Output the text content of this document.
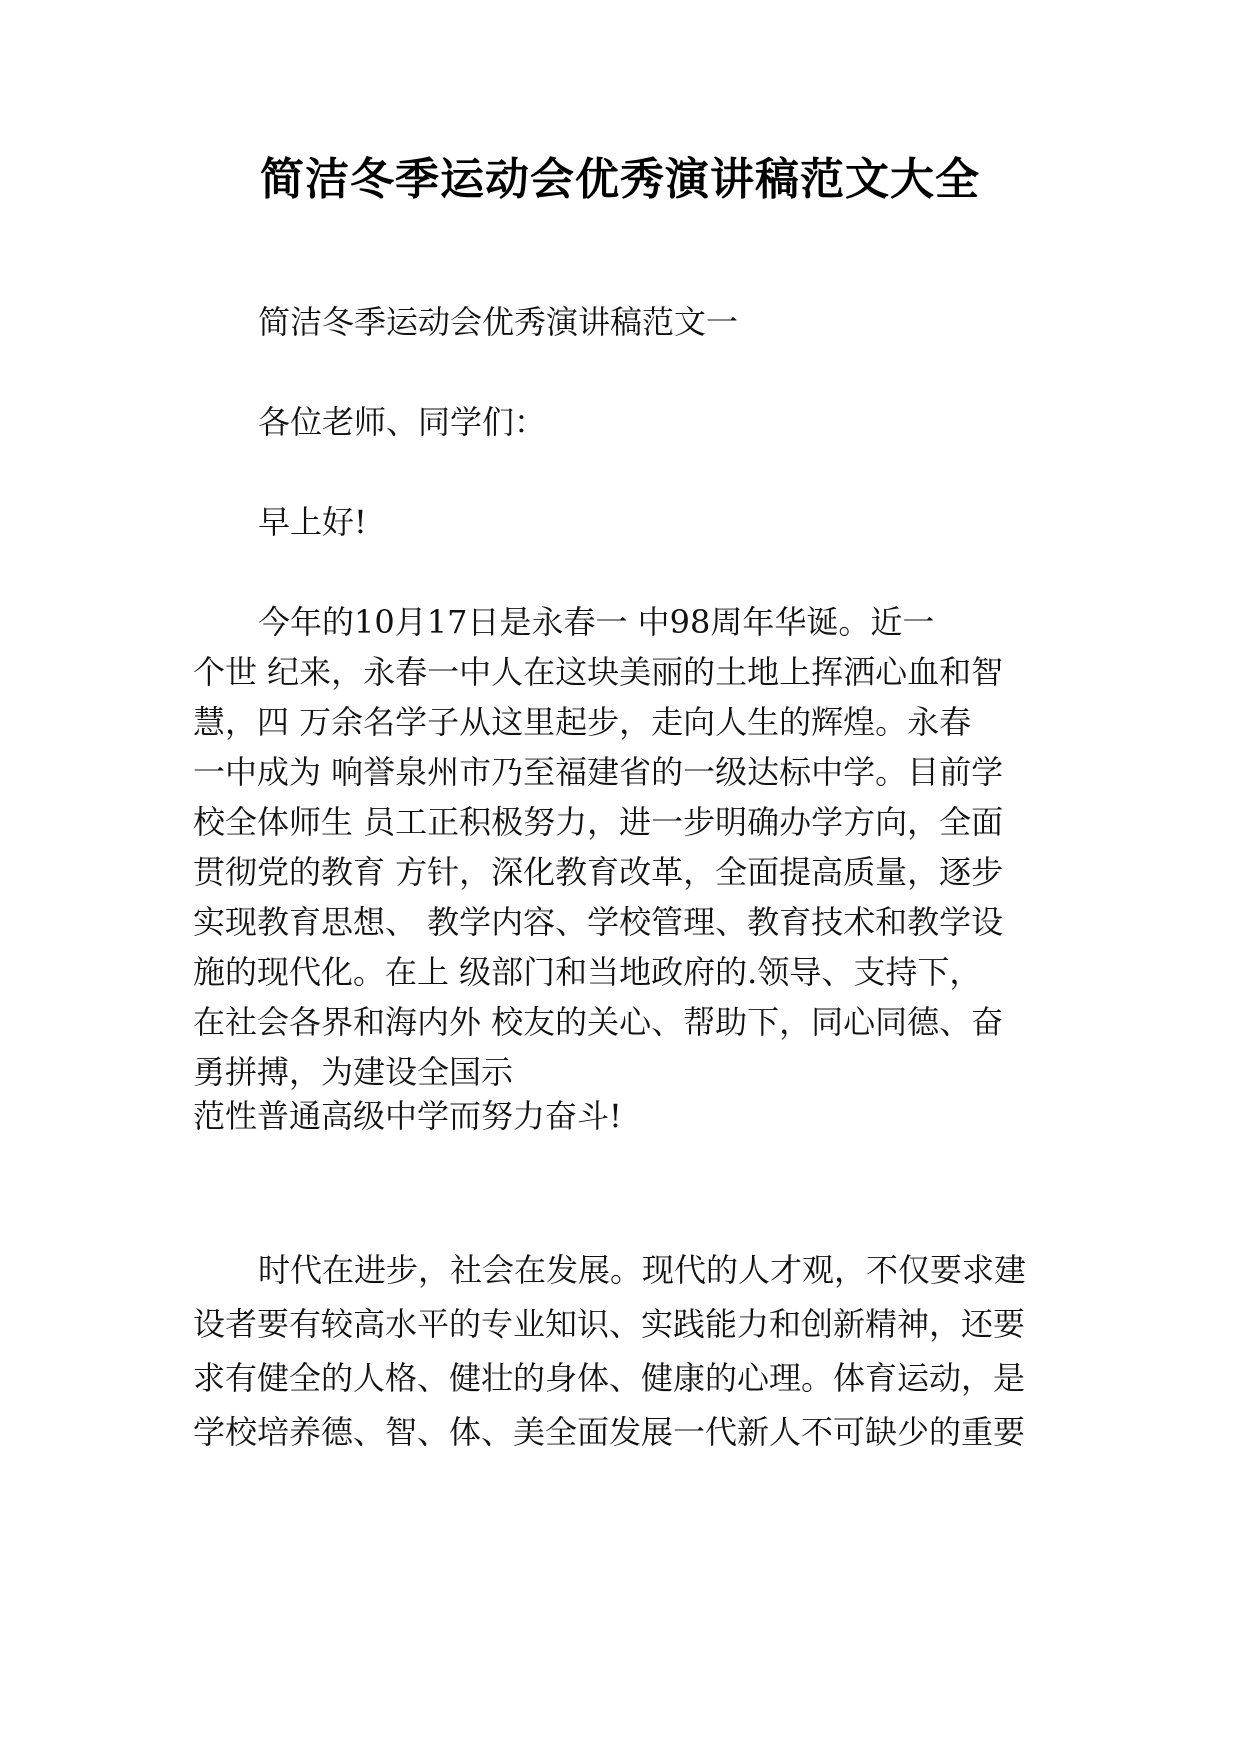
简洁冬季运动会优秀演讲稿范文大全
简洁冬季运动会优秀演讲稿范文一
各位老师、同学们：
早上好!
今年的10月17日是永春一 中98周年华诞。近一
个世 纪来，永春一中人在这块美丽的土地上挥洒心血和智
慧，四 万余名学子从这里起步，走向人生的辉煌。永春
一中成为 响誉泉州市乃至福建省的一级达标中学。目前学
校全体师生 员工正积极努力，进一步明确办学方向，全面
贯彻党的教育 方针，深化教育改革，全面提高质量，逐步
实现教育思想、 教学内容、学校管理、教育技术和教学设
施的现代化。在上 级部门和当地政府的.领导、支持下，
在社会各界和海内外 校友的关心、帮助下，同心同德、奋
勇拼搏，为建设全国示
范性普通高级中学而努力奋斗!
时代在进步，社会在发展。现代的人才观，不仅要求建
设者要有较高水平的专业知识、实践能力和创新精神，还要
求有健全的人格、健壮的身体、健康的心理。体育运动，是
学校培养德、智、体、美全面发展一代新人不可缺少的重要
